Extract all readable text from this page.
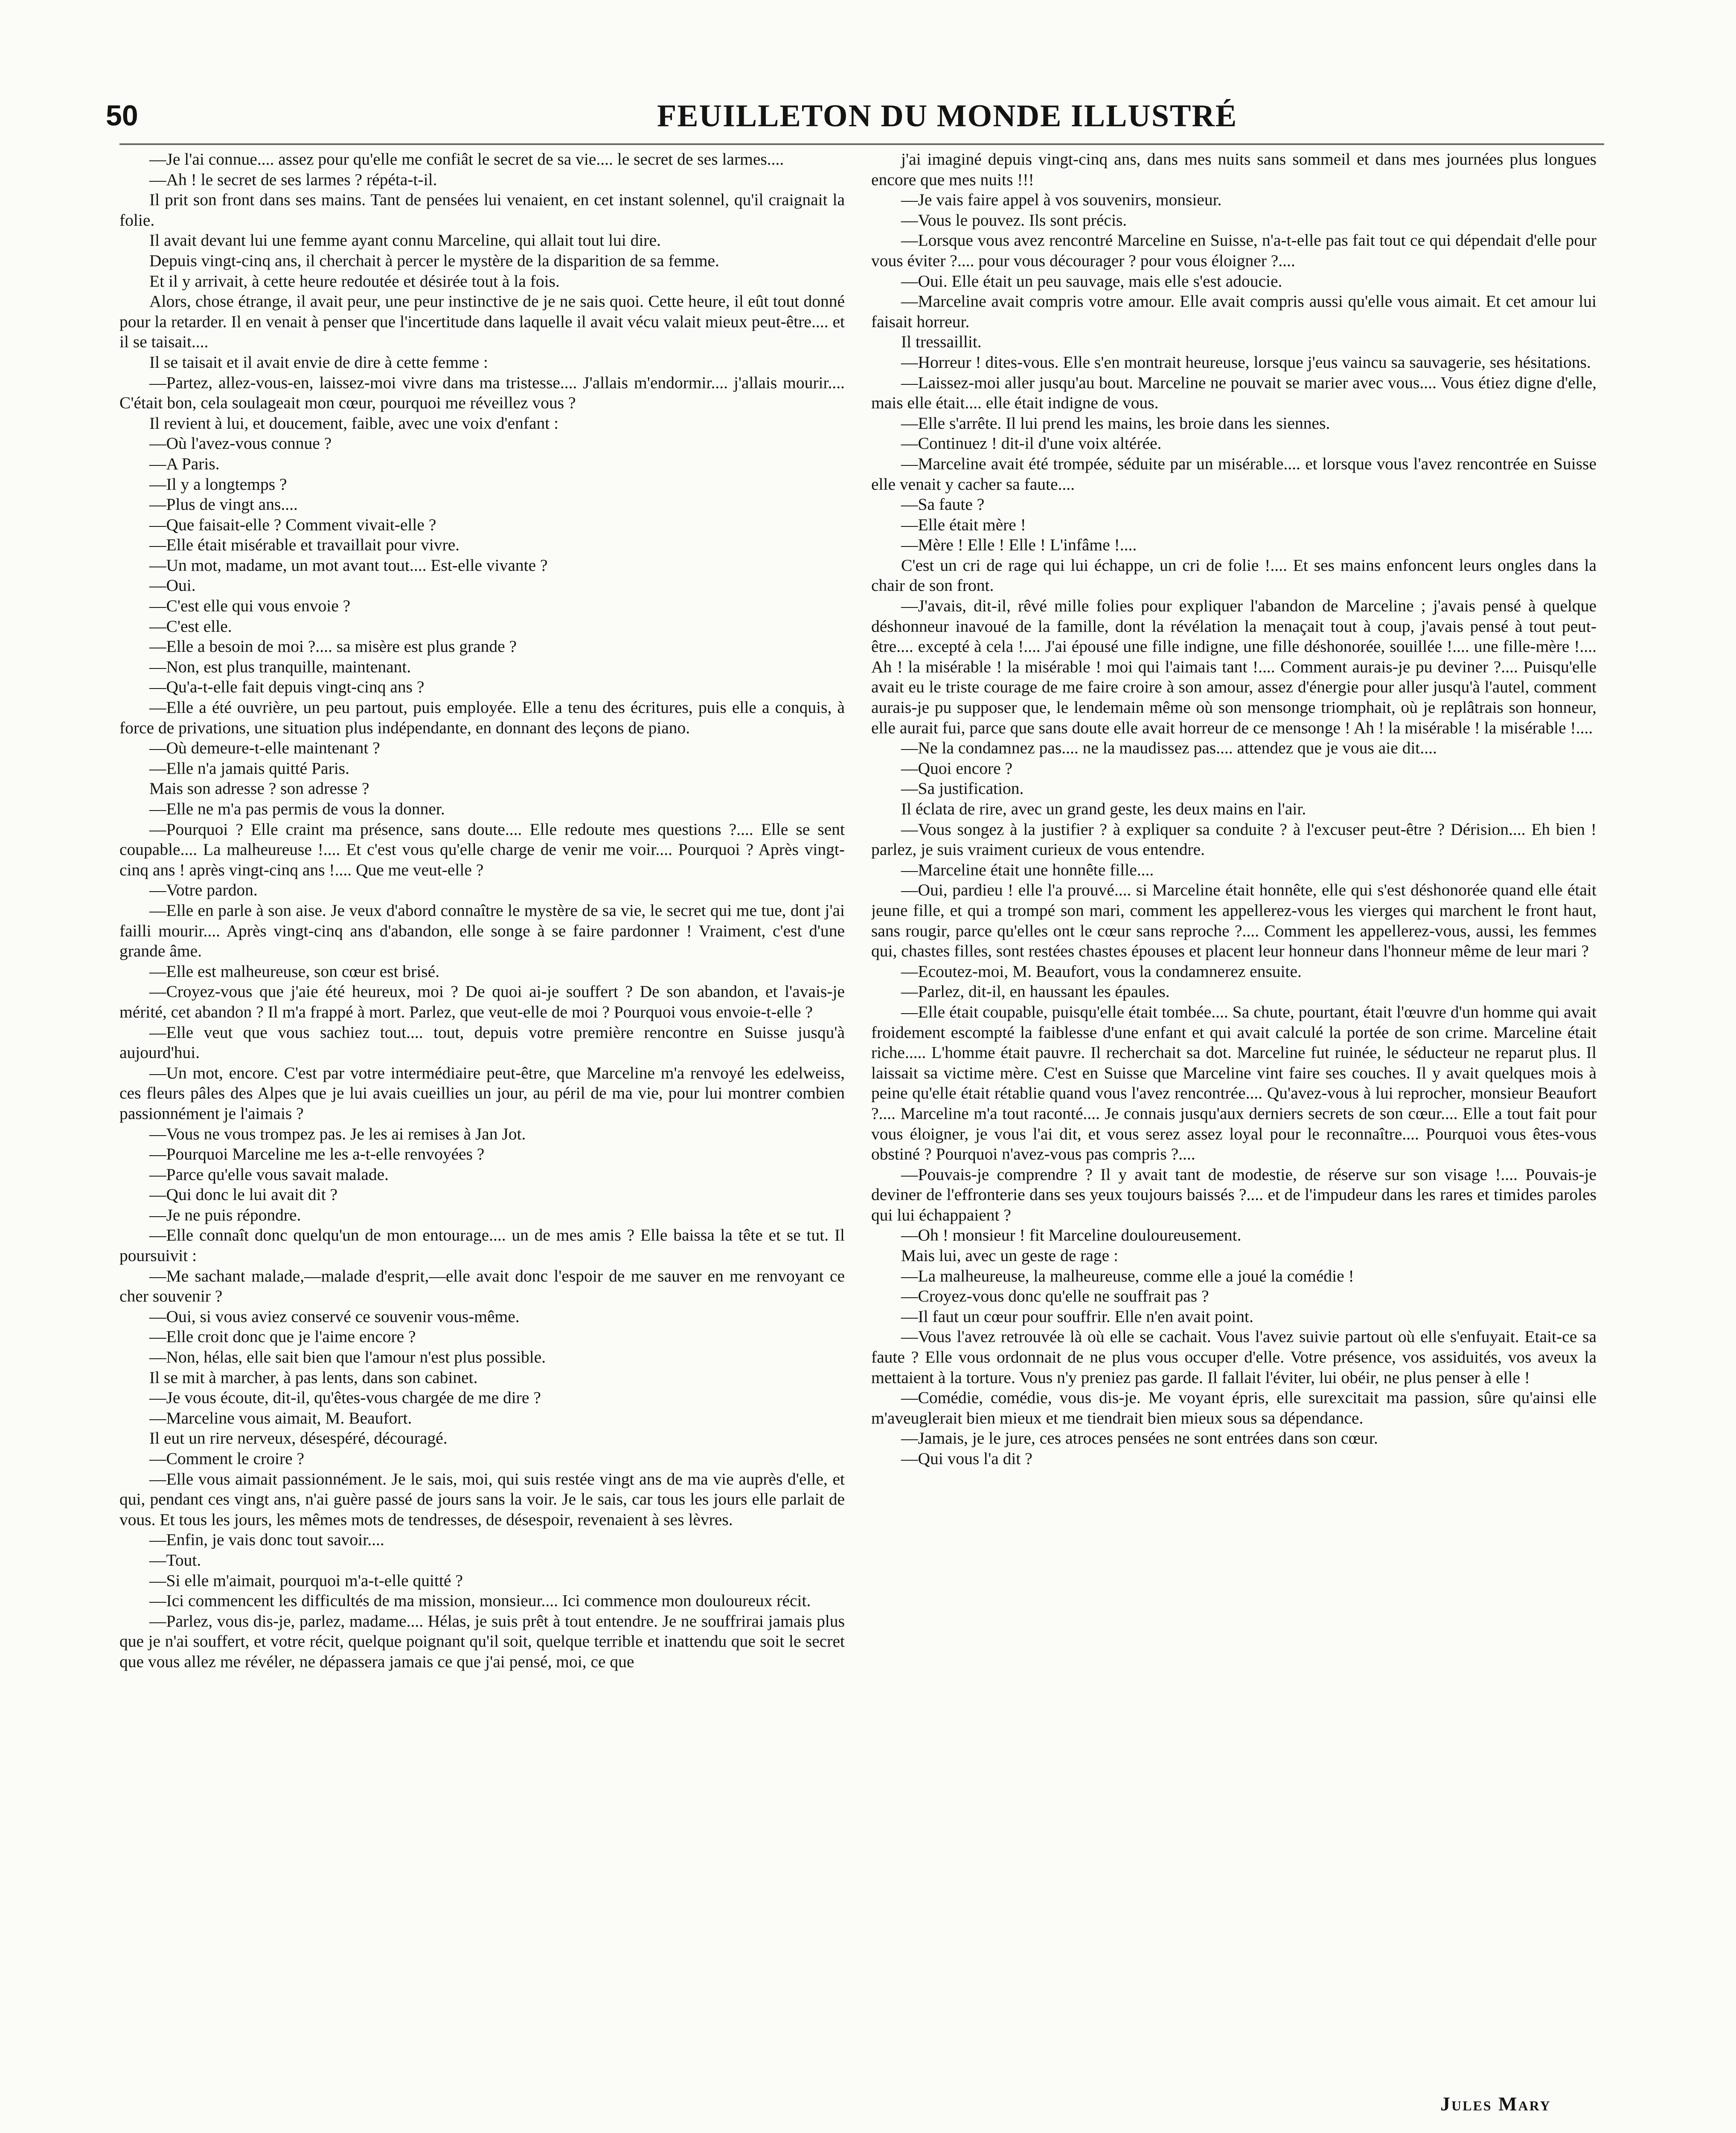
50	FEUILLETON DU MONDE ILLUSTRÉ

—Je l'ai connue.... assez pour qu'elle me confiât le secret de sa vie.... le secret de ses larmes....

—Ah ! le secret de ses larmes ? répéta-t-il.

Il prit son front dans ses mains. Tant de pensées lui venaient, en cet instant solennel, qu'il craignait la folie.

Il avait devant lui une femme ayant connu Marceline, qui allait tout lui dire.

Depuis vingt-cinq ans, il cherchait à percer le mystère de la disparition de sa femme.

Et il y arrivait, à cette heure redoutée et désirée tout à la fois.

Alors, chose étrange, il avait peur, une peur instinctive de je ne sais quoi. Cette heure, il eût tout donné pour la retarder. Il en venait à penser que l'incertitude dans laquelle il avait vécu valait mieux peut-être.... et il se taisait....

Il se taisait et il avait envie de dire à cette femme :

—Partez, allez-vous-en, laissez-moi vivre dans ma tristesse.... J'allais m'endormir.... j'allais mourir.... C'était bon, cela soulageait mon cœur, pourquoi me réveillez vous ?

Il revient à lui, et doucement, faible, avec une voix d'enfant :

—Où l'avez-vous connue ?

—A Paris.

—Il y a longtemps ?

—Plus de vingt ans....

—Que faisait-elle ? Comment vivait-elle ?

—Elle était misérable et travaillait pour vivre.

—Un mot, madame, un mot avant tout.... Est-elle vivante ?

—Oui.

—C'est elle qui vous envoie ?

—C'est elle.

—Elle a besoin de moi ?.... sa misère est plus grande ?

—Non, est plus tranquille, maintenant.

—Qu'a-t-elle fait depuis vingt-cinq ans ?

—Elle a été ouvrière, un peu partout, puis employée. Elle a tenu des écritures, puis elle a conquis, à force de privations, une situation plus indépendante, en donnant des leçons de piano.

—Où demeure-t-elle maintenant ?

—Elle n'a jamais quitté Paris.

Mais son adresse ? son adresse ?

—Elle ne m'a pas permis de vous la donner.

—Pourquoi ? Elle craint ma présence, sans doute.... Elle redoute mes questions ?.... Elle se sent coupable.... La malheureuse !.... Et c'est vous qu'elle charge de venir me voir.... Pourquoi ? Après vingt-cinq ans ! après vingt-cinq ans !.... Que me veut-elle ?

—Votre pardon.

—Elle en parle à son aise. Je veux d'abord connaître le mystère de sa vie, le secret qui me tue, dont j'ai failli mourir.... Après vingt-cinq ans d'abandon, elle songe à se faire pardonner ! Vraiment, c'est d'une grande âme.

—Elle est malheureuse, son cœur est brisé.

—Croyez-vous que j'aie été heureux, moi ? De quoi ai-je souffert ? De son abandon, et l'avais-je mérité, cet abandon ? Il m'a frappé à mort. Parlez, que veut-elle de moi ? Pourquoi vous envoie-t-elle ?

—Elle veut que vous sachiez tout.... tout, depuis votre première rencontre en Suisse jusqu'à aujourd'hui.

—Un mot, encore. C'est par votre intermédiaire peut-être, que Marceline m'a renvoyé les edelweiss, ces fleurs pâles des Alpes que je lui avais cueillies un jour, au péril de ma vie, pour lui montrer combien passionnément je l'aimais ?

—Vous ne vous trompez pas. Je les ai remises à Jan Jot.

—Pourquoi Marceline me les a-t-elle renvoyées ?

—Parce qu'elle vous savait malade.

—Qui donc le lui avait dit ?

—Je ne puis répondre.

—Elle connaît donc quelqu'un de mon entourage.... un de mes amis ? Elle baissa la tête et se tut. Il poursuivit :

—Me sachant malade,—malade d'esprit,—elle avait donc l'espoir de me sauver en me renvoyant ce cher souvenir ?

—Oui, si vous aviez conservé ce souvenir vous-même.

—Elle croit donc que je l'aime encore ?

—Non, hélas, elle sait bien que l'amour n'est plus possible.

Il se mit à marcher, à pas lents, dans son cabinet.

—Je vous écoute, dit-il, qu'êtes-vous chargée de me dire ?

—Marceline vous aimait, M. Beaufort.

Il eut un rire nerveux, désespéré, découragé.

—Comment le croire ?

—Elle vous aimait passionnément. Je le sais, moi, qui suis restée vingt ans de ma vie auprès d'elle, et qui, pendant ces vingt ans, n'ai guère passé de jours sans la voir. Je le sais, car tous les jours elle parlait de vous. Et tous les jours, les mêmes mots de tendresses, de désespoir, revenaient à ses lèvres.

—Enfin, je vais donc tout savoir....

—Tout.

—Si elle m'aimait, pourquoi m'a-t-elle quitté ?

—Ici commencent les difficultés de ma mission, monsieur.... Ici commence mon douloureux récit.

—Parlez, vous dis-je, parlez, madame.... Hélas, je suis prêt à tout entendre. Je ne souffrirai jamais plus que je n'ai souffert, et votre récit, quelque poignant qu'il soit, quelque terrible et inattendu que soit le secret que vous allez me révéler, ne dépassera jamais ce que j'ai pensé, moi, ce que

j'ai imaginé depuis vingt-cinq ans, dans mes nuits sans sommeil et dans mes journées plus longues encore que mes nuits !!!

—Je vais faire appel à vos souvenirs, monsieur.

—Vous le pouvez. Ils sont précis.

—Lorsque vous avez rencontré Marceline en Suisse, n'a-t-elle pas fait tout ce qui dépendait d'elle pour vous éviter ?.... pour vous décourager ? pour vous éloigner ?....

—Oui. Elle était un peu sauvage, mais elle s'est adoucie.

—Marceline avait compris votre amour. Elle avait compris aussi qu'elle vous aimait. Et cet amour lui faisait horreur.

Il tressaillit.

—Horreur ! dites-vous. Elle s'en montrait heureuse, lorsque j'eus vaincu sa sauvagerie, ses hésitations.

—Laissez-moi aller jusqu'au bout. Marceline ne pouvait se marier avec vous.... Vous étiez digne d'elle, mais elle était.... elle était indigne de vous.

—Elle s'arrête. Il lui prend les mains, les broie dans les siennes.

—Continuez ! dit-il d'une voix altérée.

—Marceline avait été trompée, séduite par un misérable.... et lorsque vous l'avez rencontrée en Suisse elle venait y cacher sa faute....

—Sa faute ?

—Elle était mère !

—Mère ! Elle ! Elle ! L'infâme !....

C'est un cri de rage qui lui échappe, un cri de folie !.... Et ses mains enfoncent leurs ongles dans la chair de son front.

—J'avais, dit-il, rêvé mille folies pour expliquer l'abandon de Marceline ; j'avais pensé à quelque déshonneur inavoué de la famille, dont la révélation la menaçait tout à coup, j'avais pensé à tout peut-être.... excepté à cela !.... J'ai épousé une fille indigne, une fille déshonorée, souillée !.... une fille-mère !.... Ah ! la misérable ! la misérable ! moi qui l'aimais tant !.... Comment aurais-je pu deviner ?.... Puisqu'elle avait eu le triste courage de me faire croire à son amour, assez d'énergie pour aller jusqu'à l'autel, comment aurais-je pu supposer que, le lendemain même où son mensonge triomphait, où je replâtrais son honneur, elle aurait fui, parce que sans doute elle avait horreur de ce mensonge ! Ah ! la misérable ! la misérable !....

—Ne la condamnez pas.... ne la maudissez pas.... attendez que je vous aie dit....

—Quoi encore ?

—Sa justification.

Il éclata de rire, avec un grand geste, les deux mains en l'air.

—Vous songez à la justifier ? à expliquer sa conduite ? à l'excuser peut-être ? Dérision.... Eh bien ! parlez, je suis vraiment curieux de vous entendre.

—Marceline était une honnête fille....

—Oui, pardieu ! elle l'a prouvé.... si Marceline était honnête, elle qui s'est déshonorée quand elle était jeune fille, et qui a trompé son mari, comment les appellerez-vous les vierges qui marchent le front haut, sans rougir, parce qu'elles ont le cœur sans reproche ?.... Comment les appellerez-vous, aussi, les femmes qui, chastes filles, sont restées chastes épouses et placent leur honneur dans l'honneur même de leur mari ?

—Ecoutez-moi, M. Beaufort, vous la condamnerez ensuite.

—Parlez, dit-il, en haussant les épaules.

—Elle était coupable, puisqu'elle était tombée.... Sa chute, pourtant, était l'œuvre d'un homme qui avait froidement escompté la faiblesse d'une enfant et qui avait calculé la portée de son crime. Marceline était riche..... L'homme était pauvre. Il recherchait sa dot. Marceline fut ruinée, le séducteur ne reparut plus. Il laissait sa victime mère. C'est en Suisse que Marceline vint faire ses couches. Il y avait quelques mois à peine qu'elle était rétablie quand vous l'avez rencontrée.... Qu'avez-vous à lui reprocher, monsieur Beaufort ?.... Marceline m'a tout raconté.... Je connais jusqu'aux derniers secrets de son cœur.... Elle a tout fait pour vous éloigner, je vous l'ai dit, et vous serez assez loyal pour le reconnaître.... Pourquoi vous êtes-vous obstiné ? Pourquoi n'avez-vous pas compris ?....

—Pouvais-je comprendre ? Il y avait tant de modestie, de réserve sur son visage !.... Pouvais-je deviner de l'effronterie dans ses yeux toujours baissés ?.... et de l'impudeur dans les rares et timides paroles qui lui échappaient ?

—Oh ! monsieur ! fit Marceline douloureusement.

Mais lui, avec un geste de rage :

—La malheureuse, la malheureuse, comme elle a joué la comédie !

—Croyez-vous donc qu'elle ne souffrait pas ?

—Il faut un cœur pour souffrir. Elle n'en avait point.

—Vous l'avez retrouvée là où elle se cachait. Vous l'avez suivie partout où elle s'enfuyait. Etait-ce sa faute ? Elle vous ordonnait de ne plus vous occuper d'elle. Votre présence, vos assiduités, vos aveux la mettaient à la torture. Vous n'y preniez pas garde. Il fallait l'éviter, lui obéir, ne plus penser à elle !

—Comédie, comédie, vous dis-je. Me voyant épris, elle surexcitait ma passion, sûre qu'ainsi elle m'aveuglerait bien mieux et me tiendrait bien mieux sous sa dépendance.

—Jamais, je le jure, ces atroces pensées ne sont entrées dans son cœur.

—Qui vous l'a dit ?

Jules Mary
